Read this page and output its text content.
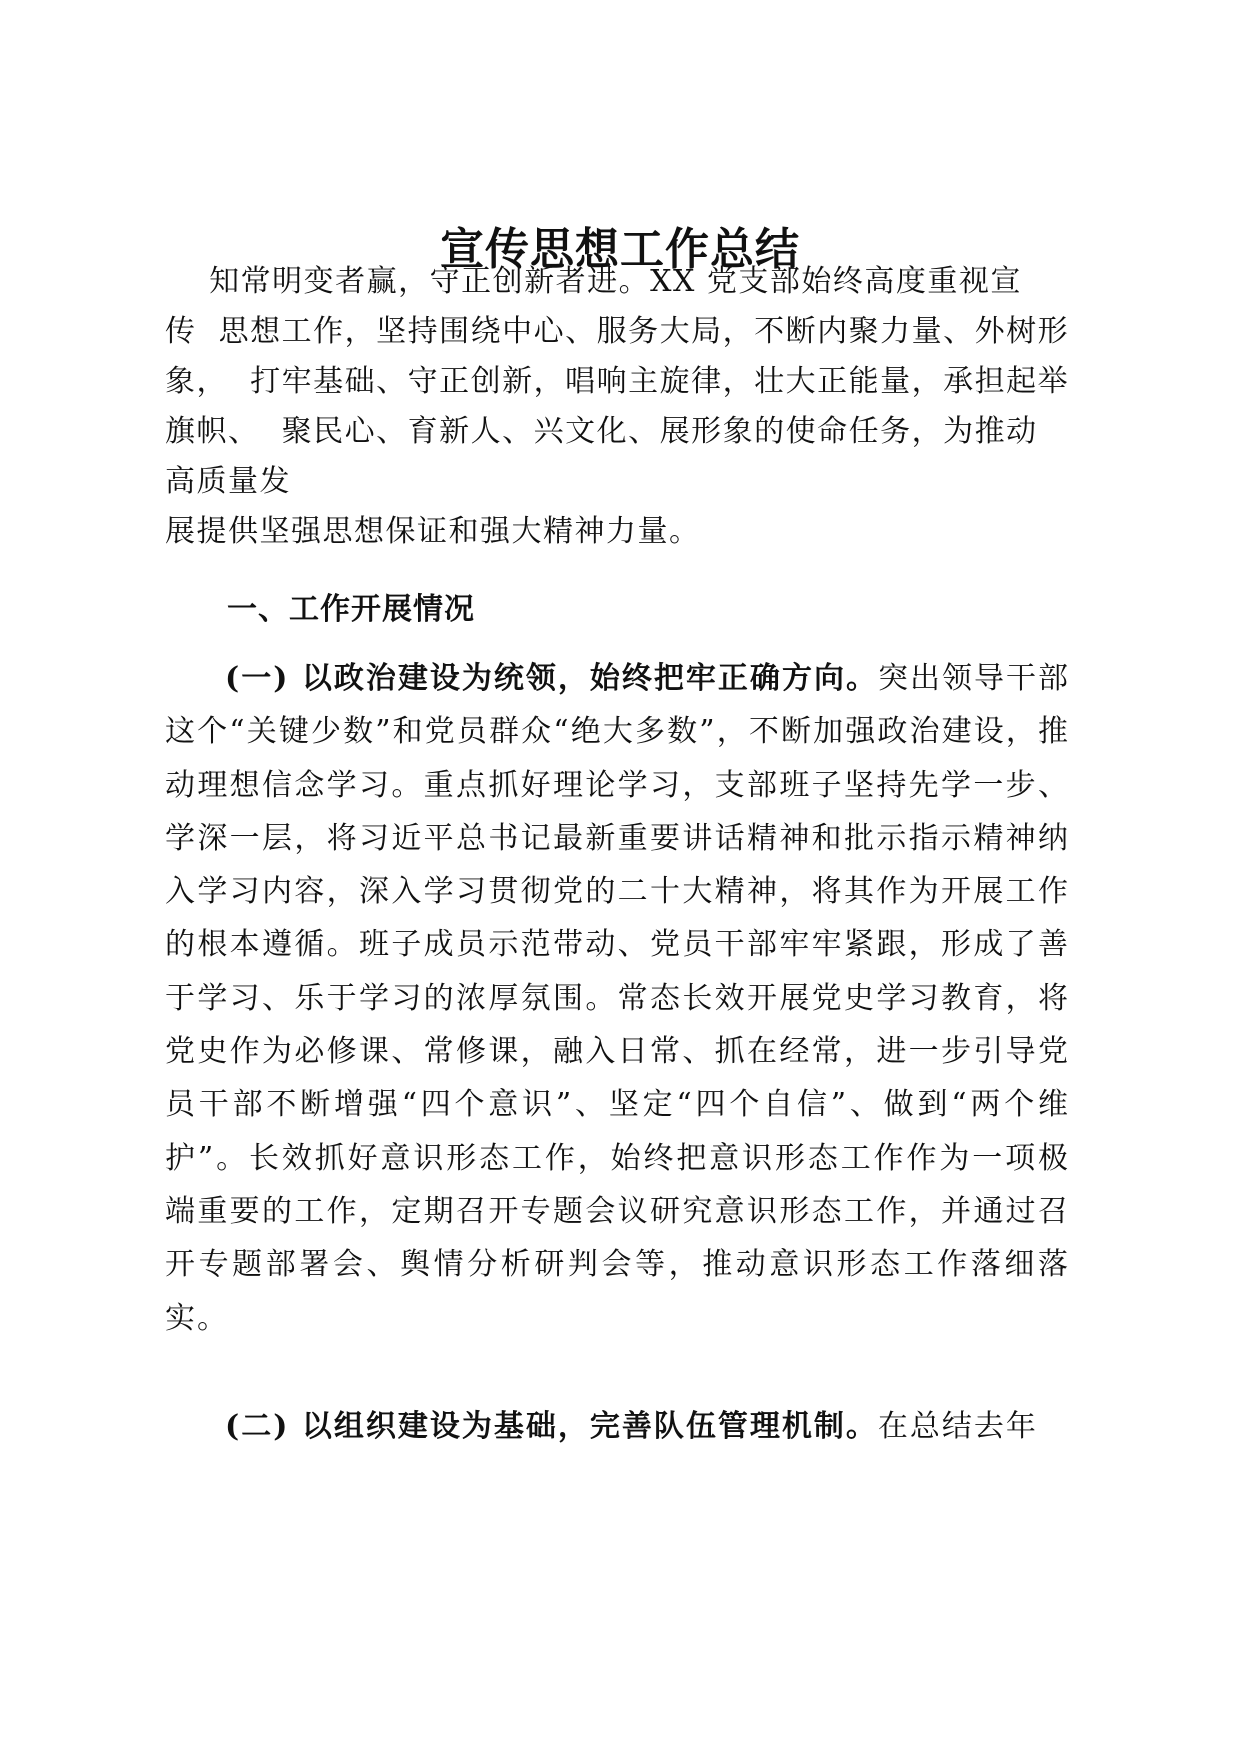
宣传思想工作总结
知常明变者赢，守正创新者进。XX 党支部始终高度重视宣
传  思想工作，坚持围绕中心、服务大局，不断内聚力量、外树形
象，  打牢基础、守正创新，唱响主旋律，壮大正能量，承担起举
旗帜、  聚民心、育新人、兴文化、展形象的使命任务，为推动
高质量发
展提供坚强思想保证和强大精神力量。
一、工作开展情况

(一) 以政治建设为统领，始终把牢正确方向。突出领导干部这个“关键少数”和党员群众“绝大多数”，不断加强政治建设，推动理想信念学习。重点抓好理论学习，支部班子坚持先学一步、学深一层，将习近平总书记最新重要讲话精神和批示指示精神纳入学习内容，深入学习贯彻党的二十大精神，将其作为开展工作的根本遵循。班子成员示范带动、党员干部牢牢紧跟，形成了善于学习、乐于学习的浓厚氛围。常态长效开展党史学习教育，将党史作为必修课、常修课，融入日常、抓在经常，进一步引导党员干部不断增强“四个意识”、坚定“四个自信”、做到“两个维护”。长效抓好意识形态工作，始终把意识形态工作作为一项极端重要的工作，定期召开专题会议研究意识形态工作，并通过召开专题部署会、舆情分析研判会等，推动意识形态工作落细落实。

(二) 以组织建设为基础，完善队伍管理机制。在总结去年
